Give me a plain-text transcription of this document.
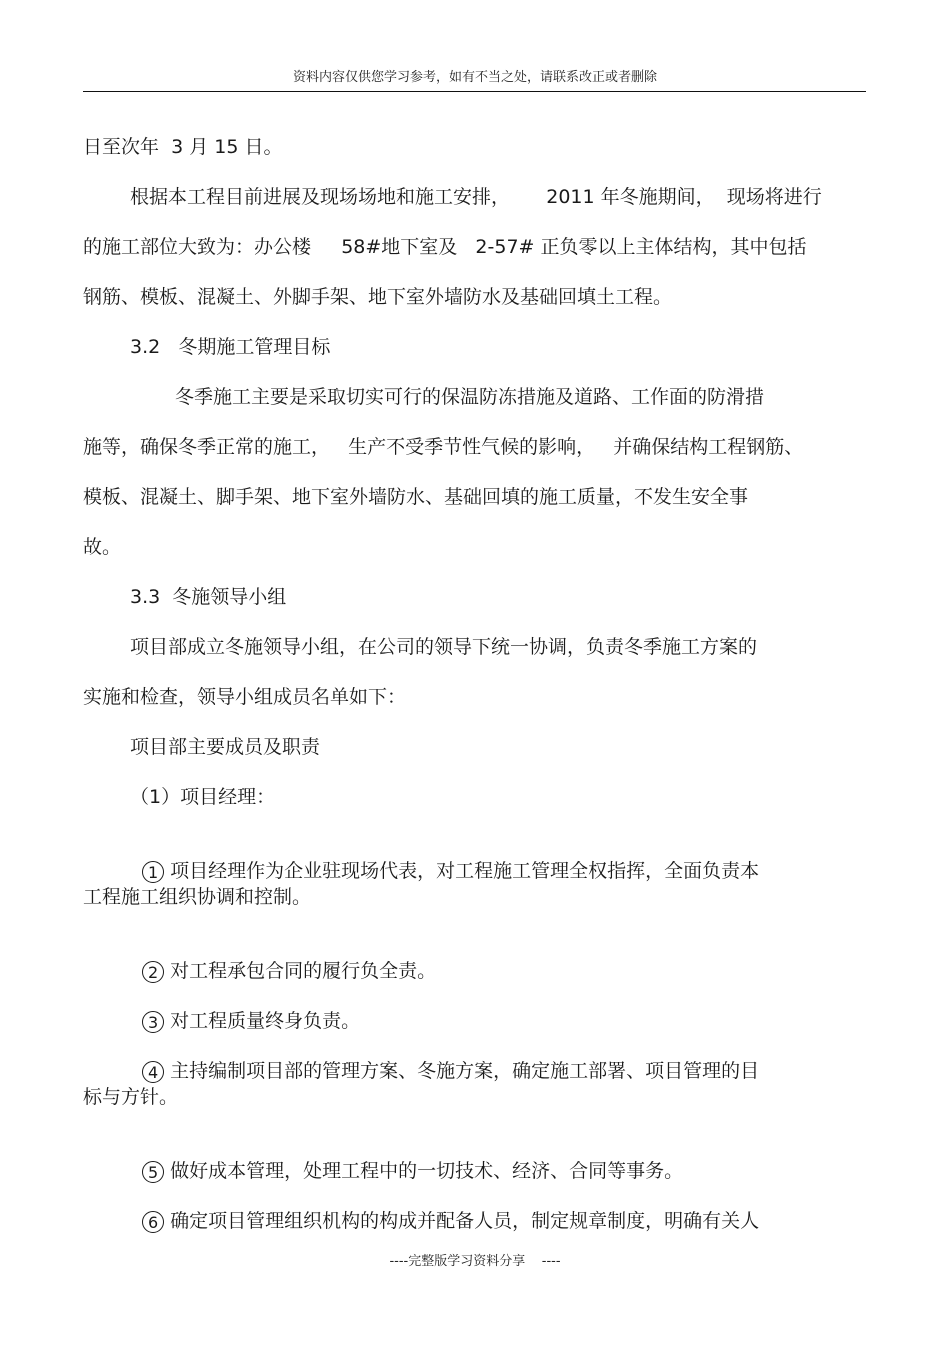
资料内容仅供您学习参考，如有不当之处，请联系改正或者删除
日至次年  3 月 15 日。
根据本工程目前进展及现场场地和施工安排，      2011 年冬施期间，  现场将进行
的施工部位大致为：办公楼     58#地下室及   2-57# 正负零以上主体结构，其中包括
钢筋、模板、混凝土、外脚手架、地下室外墙防水及基础回填土工程。
3.2   冬期施工管理目标
冬季施工主要是采取切实可行的保温防冻措施及道路、工作面的防滑措
施等，确保冬季正常的施工，   生产不受季节性气候的影响，   并确保结构工程钢筋、
模板、混凝土、脚手架、地下室外墙防水、基础回填的施工质量，不发生安全事
故。
3.3  冬施领导小组
项目部成立冬施领导小组，在公司的领导下统一协调，负责冬季施工方案的
实施和检查，领导小组成员名单如下：
项目部主要成员及职责
（1）项目经理：

1 项目经理作为企业驻现场代表，对工程施工管理全权指挥，全面负责本

工程施工组织协调和控制。

2 对工程承包合同的履行负全责。

3 对工程质量终身负责。

4 主持编制项目部的管理方案、冬施方案，确定施工部署、项目管理的目

标与方针。

5 做好成本管理，处理工程中的一切技术、经济、合同等事务。

6 确定项目管理组织机构的构成并配备人员，制定规章制度，明确有关人

----完整版学习资料分享    ----
